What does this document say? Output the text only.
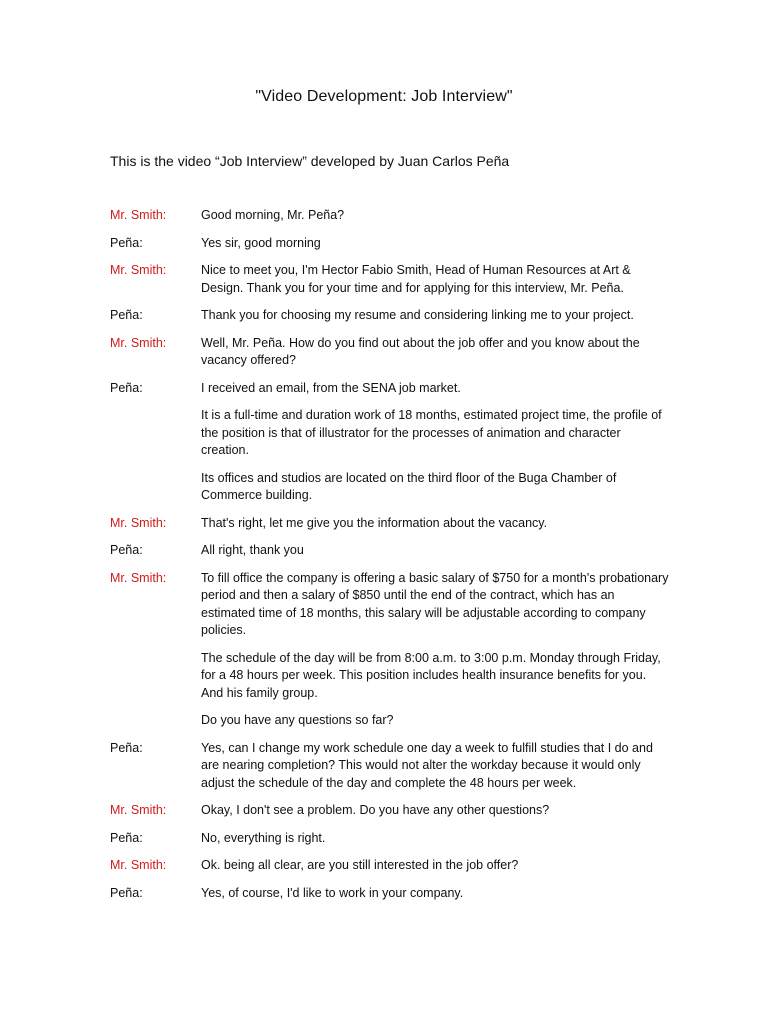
"Video Development: Job Interview"
This is the video “Job Interview” developed by Juan Carlos Peña
Mr. Smith:	Good morning, Mr. Peña?
Peña:	Yes sir, good morning
Mr. Smith:	Nice to meet you, I'm Hector Fabio Smith, Head of Human Resources at Art & Design. Thank you for your time and for applying for this interview, Mr. Peña.
Peña:	Thank you for choosing my resume and considering linking me to your project.
Mr. Smith:	Well, Mr. Peña. How do you find out about the job offer and you know about the vacancy offered?
Peña:	I received an email, from the SENA job market.
It is a full-time and duration work of 18 months, estimated project time, the profile of the position is that of illustrator for the processes of animation and character creation.
Its offices and studios are located on the third floor of the Buga Chamber of Commerce building.
Mr. Smith:	That's right, let me give you the information about the vacancy.
Peña:	All right, thank you
Mr. Smith:	To fill office the company is offering a basic salary of $750 for a month's probationary period and then a salary of $850 until the end of the contract, which has an estimated time of 18 months, this salary will be adjustable according to company policies.
The schedule of the day will be from 8:00 a.m. to 3:00 p.m. Monday through Friday, for a 48 hours per week. This position includes health insurance benefits for you. And his family group.
Do you have any questions so far?
Peña:	Yes, can I change my work schedule one day a week to fulfill studies that I do and are nearing completion? This would not alter the workday because it would only adjust the schedule of the day and complete the 48 hours per week.
Mr. Smith:	Okay, I don't see a problem. Do you have any other questions?
Peña:	No, everything is right.
Mr. Smith:	Ok. being all clear, are you still interested in the job offer?
Peña:	Yes, of course, I'd like to work in your company.
